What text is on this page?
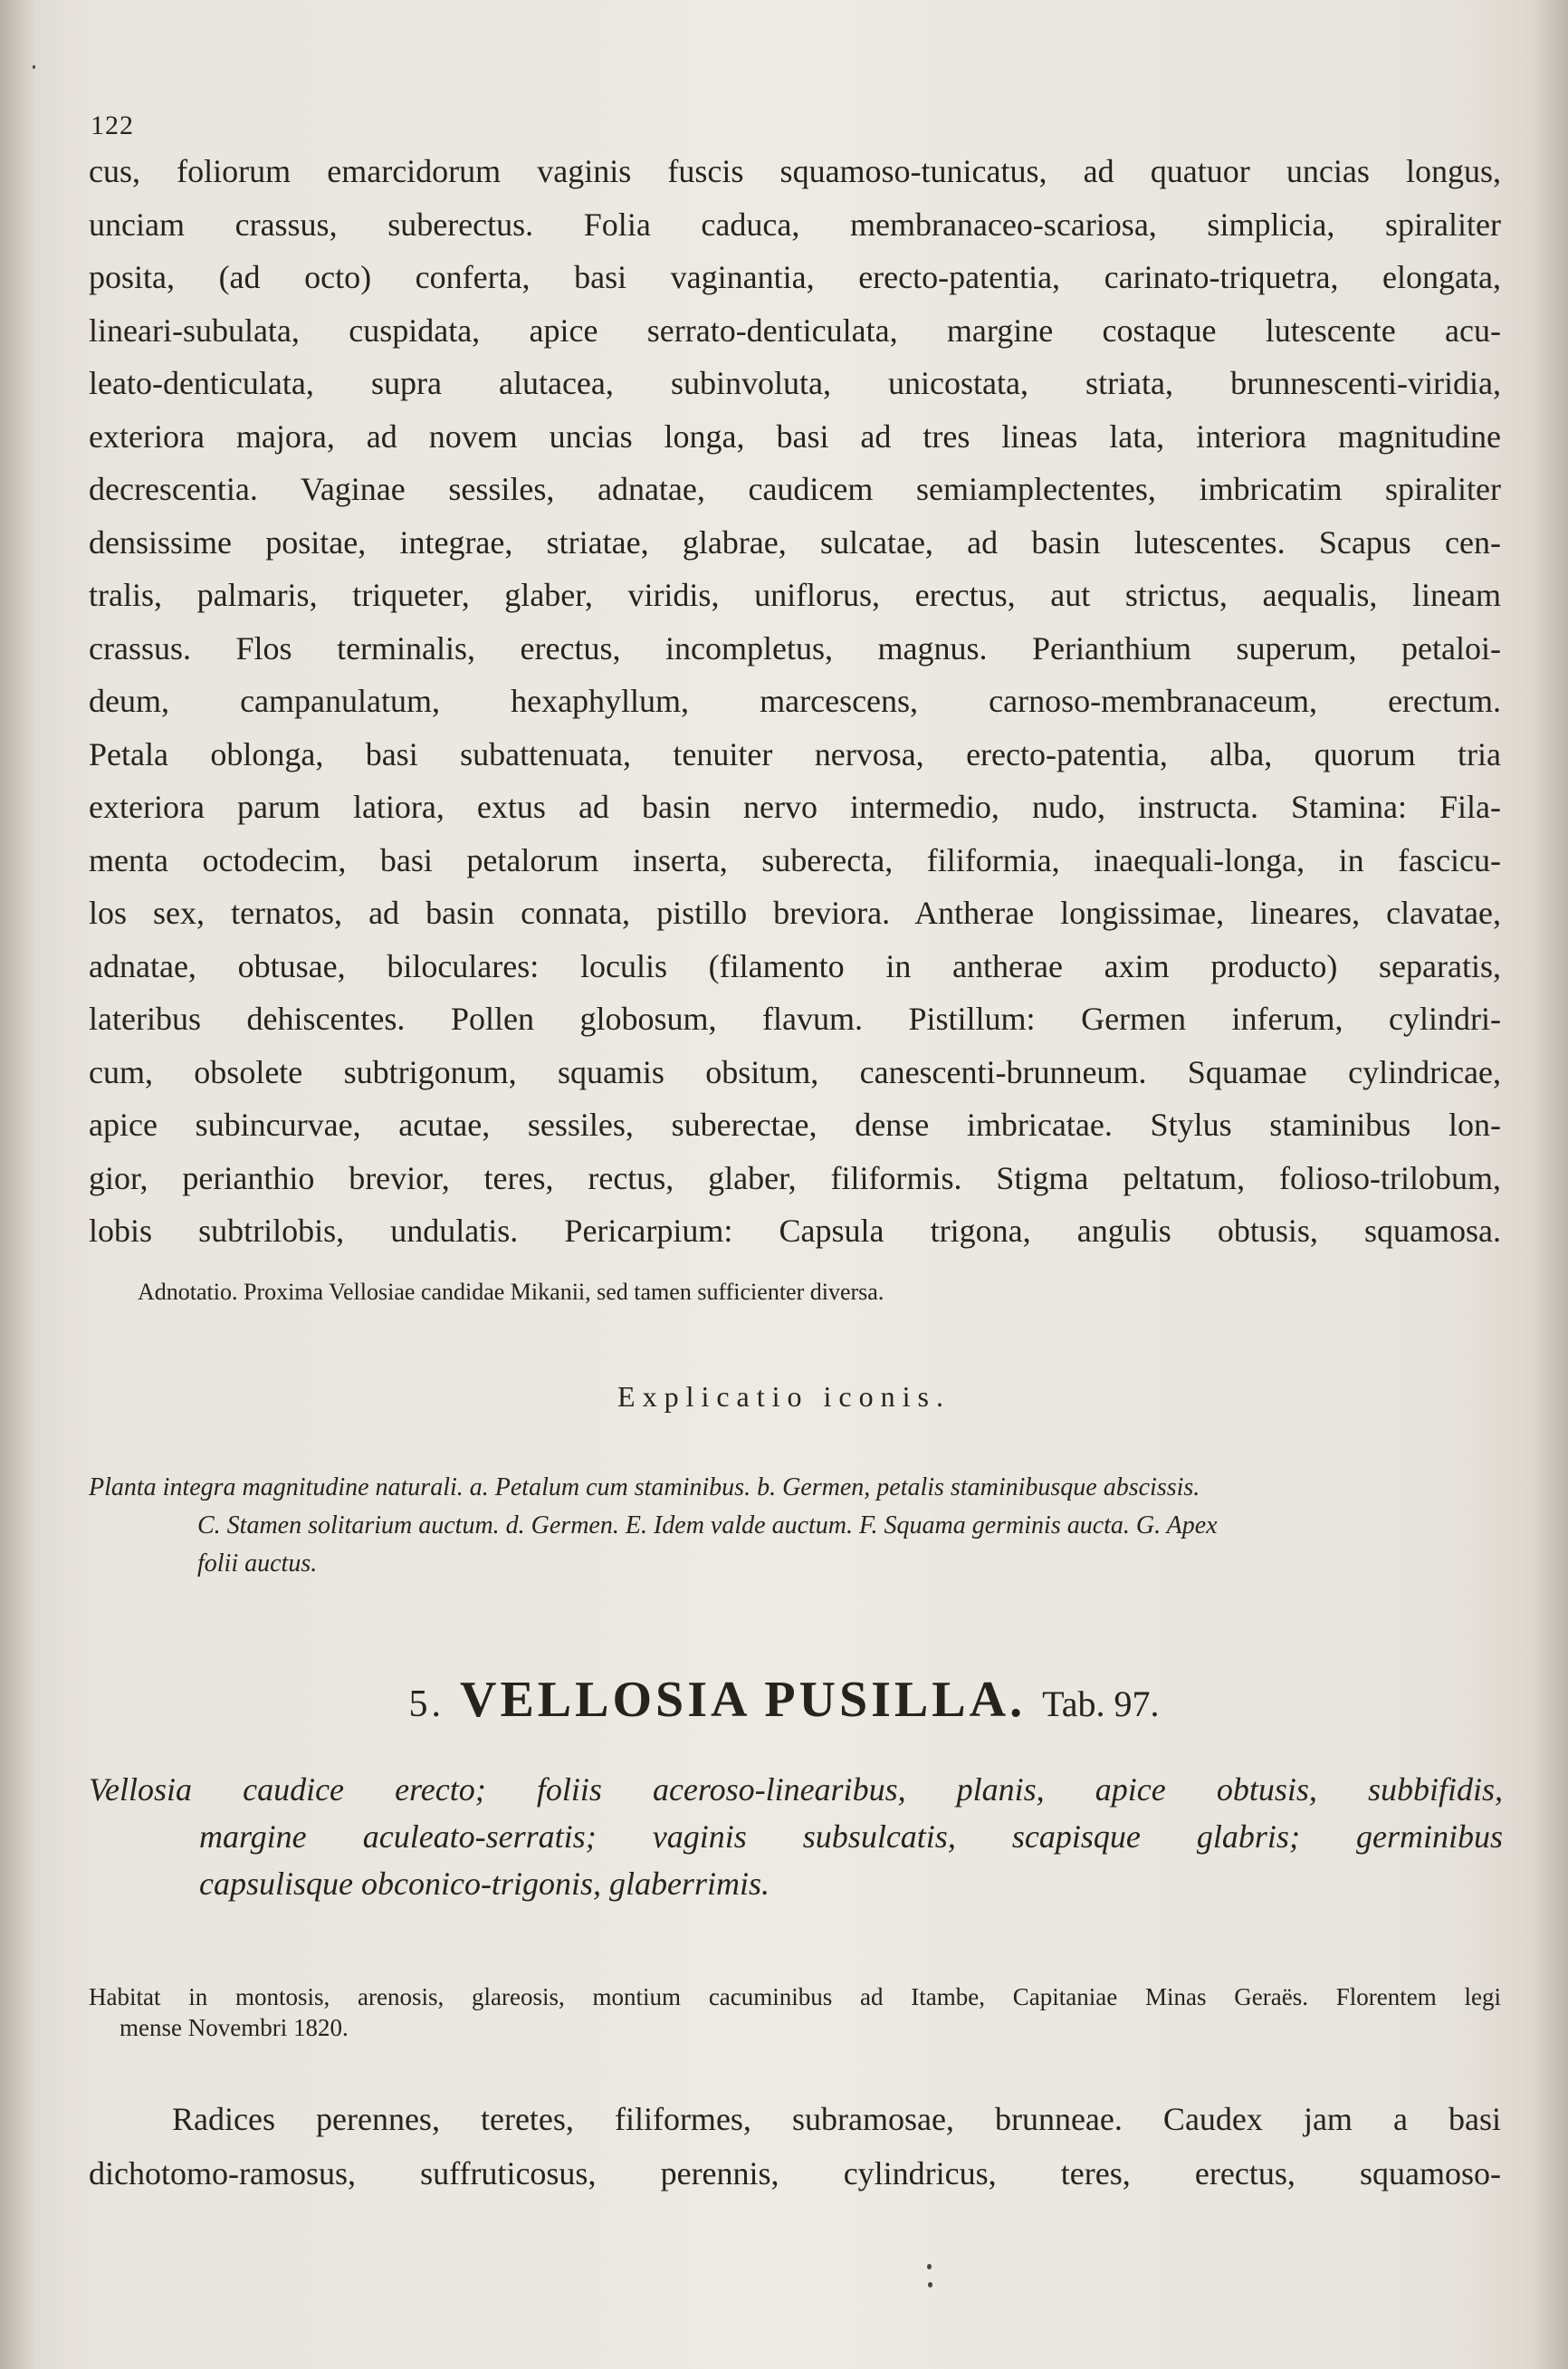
122
cus, foliorum emarcidorum vaginis fuscis squamoso-tunicatus, ad quatuor uncias longus,
unciam crassus, suberectus. Folia caduca, membranaceo-scariosa, simplicia, spiraliter
posita, (ad octo) conferta, basi vaginantia, erecto-patentia, carinato-triquetra, elongata,
lineari-subulata, cuspidata, apice serrato-denticulata, margine costaque lutescente acu-
leato-denticulata, supra alutacea, subinvoluta, unicostata, striata, brunnescenti-viridia,
exteriora majora, ad novem uncias longa, basi ad tres lineas lata, interiora magnitudine
decrescentia. Vaginae sessiles, adnatae, caudicem semiamplectentes, imbricatim spiraliter
densissime positae, integrae, striatae, glabrae, sulcatae, ad basin lutescentes. Scapus cen-
tralis, palmaris, triqueter, glaber, viridis, uniflorus, erectus, aut strictus, aequalis, lineam
crassus. Flos terminalis, erectus, incompletus, magnus. Perianthium superum, petaloi-
deum, campanulatum, hexaphyllum, marcescens, carnoso-membranaceum, erectum.
Petala oblonga, basi subattenuata, tenuiter nervosa, erecto-patentia, alba, quorum tria
exteriora parum latiora, extus ad basin nervo intermedio, nudo, instructa. Stamina: Fila-
menta octodecim, basi petalorum inserta, suberecta, filiformia, inaequali-longa, in fascicu-
los sex, ternatos, ad basin connata, pistillo breviora. Antherae longissimae, lineares, clavatae,
adnatae, obtusae, biloculares: loculis (filamento in antherae axim producto) separatis,
lateribus dehiscentes. Pollen globosum, flavum. Pistillum: Germen inferum, cylindri-
cum, obsolete subtrigonum, squamis obsitum, canescenti-brunneum. Squamae cylindricae,
apice subincurvae, acutae, sessiles, suberectae, dense imbricatae. Stylus staminibus lon-
gior, perianthio brevior, teres, rectus, glaber, filiformis. Stigma peltatum, folioso-trilobum,
lobis subtrilobis, undulatis. Pericarpium: Capsula trigona, angulis obtusis, squamosa.
Adnotatio. Proxima Vellosiae candidae Mikanii, sed tamen sufficienter diversa.
Explicatio iconis.
Planta integra magnitudine naturali. a. Petalum cum staminibus. b. Germen, petalis staminibusque abscissis.
C. Stamen solitarium auctum. d. Germen. E. Idem valde auctum. F. Squama germinis aucta. G. Apex
folii auctus.
5. VELLOSIA PUSILLA. Tab. 97.
Vellosia caudice erecto; foliis aceroso-linearibus, planis, apice obtusis, subbifidis,
margine aculeato-serratis; vaginis subsulcatis, scapisque glabris; germinibus
capsulisque obconico-trigonis, glaberrimis.
Habitat in montosis, arenosis, glareosis, montium cacuminibus ad Itambe, Capitaniae Minas Geraës. Florentem legi
mense Novembri 1820.
Radices perennes, teretes, filiformes, subramosae, brunneae. Caudex jam a basi
dichotomo-ramosus, suffruticosus, perennis, cylindricus, teres, erectus, squamoso-
